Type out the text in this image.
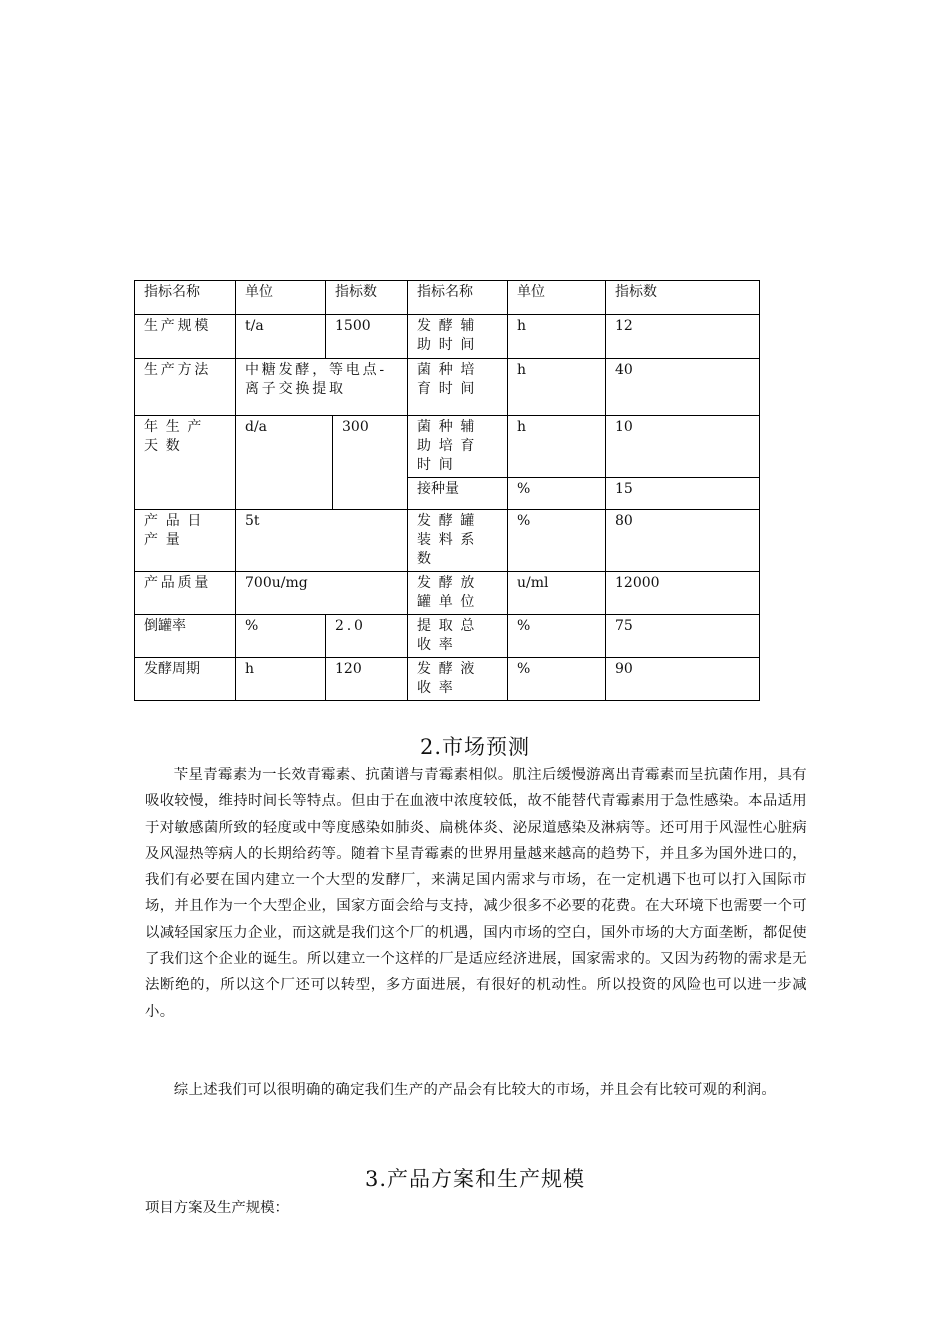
指标名称	单位	指标数		指标名称	单位	指标数
生产规模	t/a	1500		发酵辅助时间	h	12
生产方法	中糖发酵，等电点-离子交换提取			菌种培育时间	h	40
年生产天数	d/a		300	菌种辅助培育时间	h	10
				接种量	%	15
产品日产量	5t			发酵罐装料系数	%	80
产品质量	700u/mg			发酵放罐单位	u/ml	12000
倒罐率	%	2.0		提取总收率	%	75
发酵周期	h	120		发酵液收率	%	90
2.市场预测

苄星青霉素为一长效青霉素、抗菌谱与青霉素相似。肌注后缓慢游离出青霉素而呈抗菌作用，具有吸收较慢，维持时间长等特点。但由于在血液中浓度较低，故不能替代青霉素用于急性感染。本品适用于对敏感菌所致的轻度或中等度感染如肺炎、扁桃体炎、泌尿道感染及淋病等。还可用于风湿性心脏病及风湿热等病人的长期给药等。随着卞星青霉素的世界用量越来越高的趋势下，并且多为国外进口的，我们有必要在国内建立一个大型的发酵厂，来满足国内需求与市场，在一定机遇下也可以打入国际市场，并且作为一个大型企业，国家方面会给与支持，减少很多不必要的花费。在大环境下也需要一个可以减轻国家压力企业，而这就是我们这个厂的机遇，国内市场的空白，国外市场的大方面垄断，都促使了我们这个企业的诞生。所以建立一个这样的厂是适应经济进展，国家需求的。又因为药物的需求是无法断绝的，所以这个厂还可以转型，多方面进展，有很好的机动性。所以投资的风险也可以进一步减小。

综上述我们可以很明确的确定我们生产的产品会有比较大的市场，并且会有比较可观的利润。

3.产品方案和生产规模

项目方案及生产规模：
